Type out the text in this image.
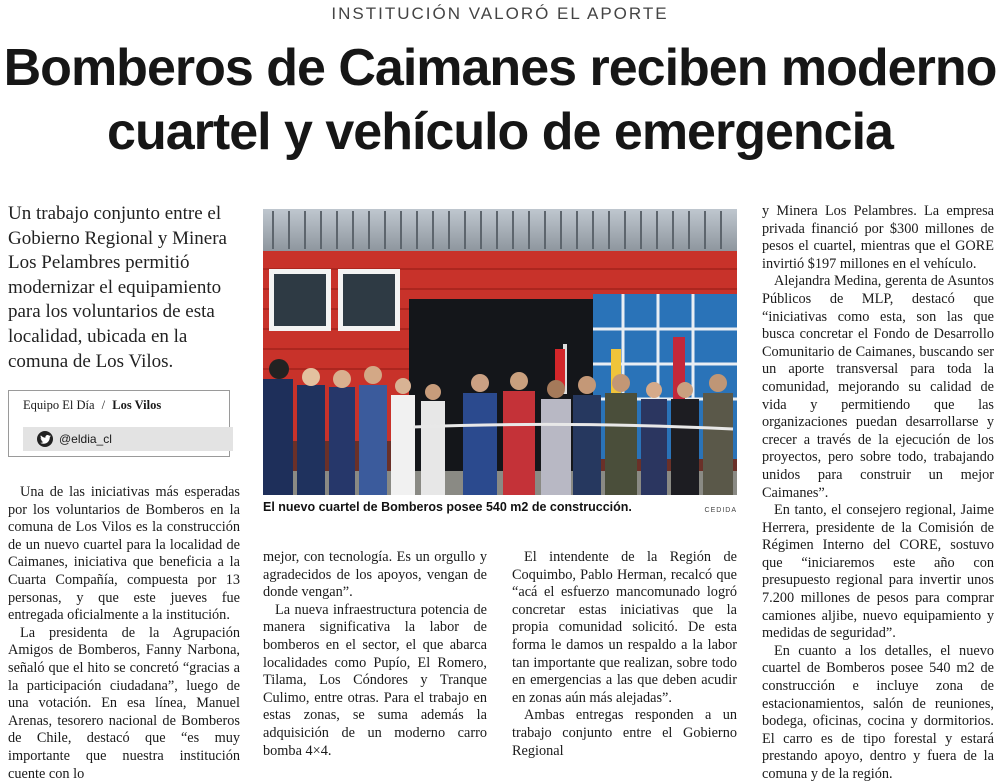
INSTITUCIÓN VALORÓ EL APORTE
Bomberos de Caimanes reciben moderno
cuartel y vehículo de emergencia
Un trabajo conjunto entre el Gobierno Regional y Minera Los Pelambres permitió modernizar el equipamiento para los voluntarios de esta localidad, ubicada en la comuna de Los Vilos.
Equipo El Día / Los Vilos
@eldia_cl

Una de las iniciativas más esperadas por los voluntarios de Bomberos en la comuna de Los Vilos es la construcción de un nuevo cuartel para la localidad de Caimanes, iniciativa que beneficia a la Cuarta Compañía, compuesta por 13 personas, y que este jueves fue entregada oficialmente a la institución.

La presidenta de la Agrupación Amigos de Bomberos, Fanny Narbona, señaló que el hito se concretó “gracias a la participación ciudadana”, luego de una votación. En esa línea, Manuel Arenas, tesorero nacional de Bomberos de Chile, destacó que “es muy importante que nuestra institución cuente con lo

El nuevo cuartel de Bomberos posee 540 m2 de construcción.	CEDIDA

mejor, con tecnología. Es un orgullo y agradecidos de los apoyos, vengan de donde vengan”.

La nueva infraestructura potencia de manera significativa la labor de bomberos en el sector, el que abarca localidades como Pupío, El Romero, Tilama, Los Cóndores y Tranque Culimo, entre otras. Para el trabajo en estas zonas, se suma además la adquisición de un moderno carro bomba 4×4.

El intendente de la Región de Coquimbo, Pablo Herman, recalcó que “acá el esfuerzo mancomunado logró concretar estas iniciativas que la propia comunidad solicitó. De esta forma le damos un respaldo a la labor tan importante que realizan, sobre todo en emergencias a las que deben acudir en zonas aún más alejadas”.

Ambas entregas responden a un trabajo conjunto entre el Gobierno Regional

y Minera Los Pelambres. La empresa privada financió por $300 millones de pesos el cuartel, mientras que el GORE invirtió $197 millones en el vehículo.

Alejandra Medina, gerenta de Asuntos Públicos de MLP, destacó que “iniciativas como esta, son las que busca concretar el Fondo de Desarrollo Comunitario de Caimanes, buscando ser un aporte transversal para toda la comunidad, mejorando su calidad de vida y permitiendo que las organizaciones puedan desarrollarse y crecer a través de la ejecución de los proyectos, pero sobre todo, trabajando unidos para construir un mejor Caimanes”.

En tanto, el consejero regional, Jaime Herrera, presidente de la Comisión de Régimen Interno del CORE, sostuvo que “iniciaremos este año con presupuesto regional para invertir unos 7.200 millones de pesos para comprar camiones aljibe, nuevo equipamiento y medidas de seguridad”.

En cuanto a los detalles, el nuevo cuartel de Bomberos posee 540 m2 de construcción e incluye zona de estacionamientos, salón de reuniones, bodega, oficinas, cocina y dormitorios. El carro es de tipo forestal y estará prestando apoyo, dentro y fuera de la comuna y de la región.
